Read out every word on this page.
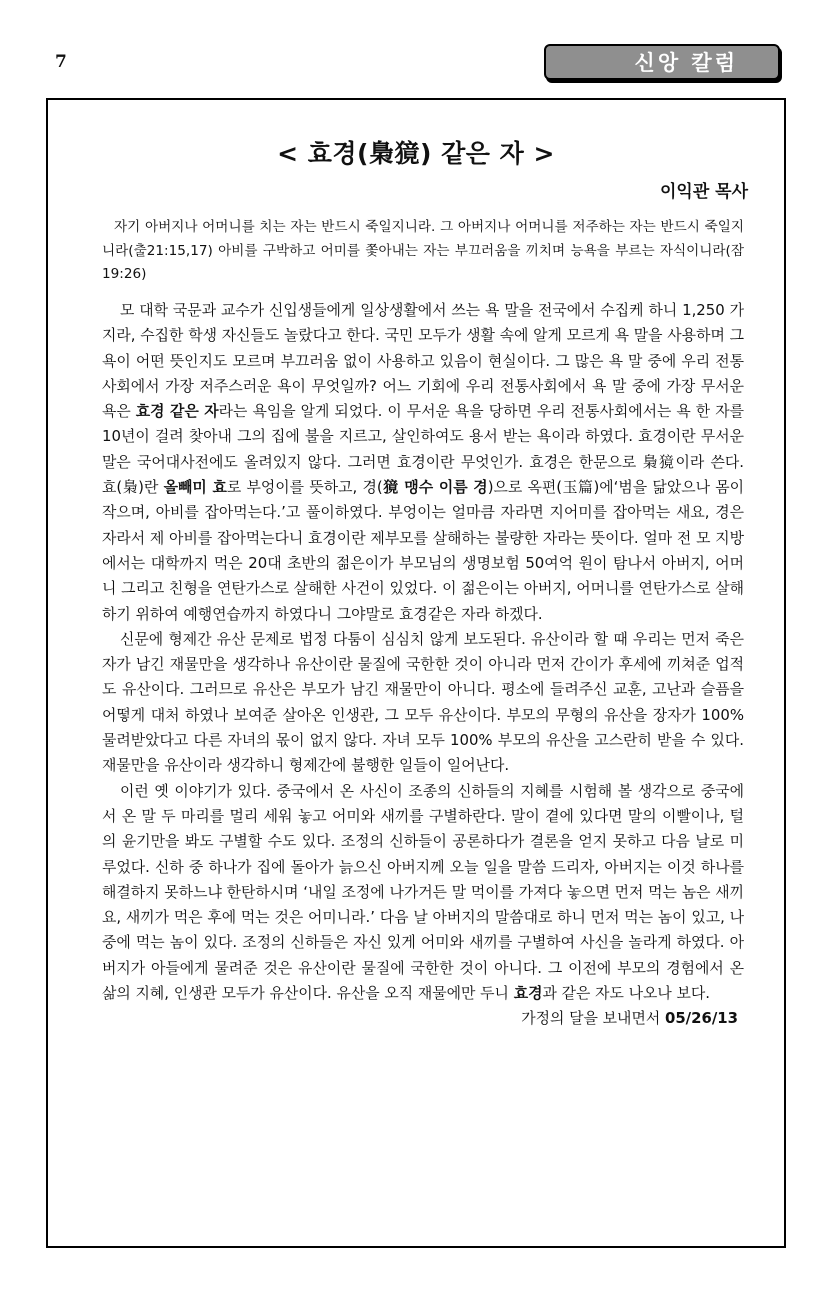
7	신앙 칼럼
< 효경(梟獍) 같은 자 >
이익관 목사

자기 아버지나 어머니를 치는 자는 반드시 죽일지니라. 그 아버지나 어머니를 저주하는 자는 반드시 죽일지니라(출21:15,17) 아비를 구박하고 어미를 쫓아내는 자는 부끄러움을 끼치며 능욕을 부르는 자식이니라(잠19:26)

모 대학 국문과 교수가 신입생들에게 일상생활에서 쓰는 욕 말을 전국에서 수집케 하니 1,250 가지라, 수집한 학생 자신들도 놀랐다고 한다. 국민 모두가 생활 속에 알게 모르게 욕 말을 사용하며 그 욕이 어떤 뜻인지도 모르며 부끄러움 없이 사용하고 있음이 현실이다. 그 많은 욕 말 중에 우리 전통사회에서 가장 저주스러운 욕이 무엇일까? 어느 기회에 우리 전통사회에서 욕 말 중에 가장 무서운 욕은 효경 같은 자라는 욕임을 알게 되었다. 이 무서운 욕을 당하면 우리 전통사회에서는 욕 한 자를 10년이 걸려 찾아내 그의 집에 불을 지르고, 살인하여도 용서 받는 욕이라 하였다. 효경이란 무서운 말은 국어대사전에도 올려있지 않다. 그러면 효경이란 무엇인가. 효경은 한문으로 梟獍이라 쓴다. 효(梟)란 올빼미 효로 부엉이를 뜻하고, 경(獍 맹수 이름 경)으로 옥편(玉篇)에‘범을 닮았으나 몸이 작으며, 아비를 잡아먹는다.’고 풀이하였다. 부엉이는 얼마큼 자라면 지어미를 잡아먹는 새요, 경은 자라서 제 아비를 잡아먹는다니 효경이란 제부모를 살해하는 불량한 자라는 뜻이다. 얼마 전 모 지방에서는 대학까지 먹은 20대 초반의 젊은이가 부모님의 생명보험 50여억 원이 탐나서 아버지, 어머니 그리고 친형을 연탄가스로 살해한 사건이 있었다. 이 젊은이는 아버지, 어머니를 연탄가스로 살해하기 위하여 예행연습까지 하였다니 그야말로 효경같은 자라 하겠다.

신문에 형제간 유산 문제로 법정 다툼이 심심치 않게 보도된다. 유산이라 할 때 우리는 먼저 죽은 자가 남긴 재물만을 생각하나 유산이란 물질에 국한한 것이 아니라 먼저 간이가 후세에 끼쳐준 업적도 유산이다. 그러므로 유산은 부모가 남긴 재물만이 아니다. 평소에 들려주신 교훈, 고난과 슬픔을 어떻게 대처 하였나 보여준 살아온 인생관, 그 모두 유산이다. 부모의 무형의 유산을 장자가 100% 물려받았다고 다른 자녀의 몫이 없지 않다. 자녀 모두 100% 부모의 유산을 고스란히 받을 수 있다. 재물만을 유산이라 생각하니 형제간에 불행한 일들이 일어난다.

이런 옛 이야기가 있다. 중국에서 온 사신이 조종의 신하들의 지혜를 시험해 볼 생각으로 중국에서 온 말 두 마리를 멀리 세워 놓고 어미와 새끼를 구별하란다. 말이 곁에 있다면 말의 이빨이나, 털의 윤기만을 봐도 구별할 수도 있다. 조정의 신하들이 공론하다가 결론을 얻지 못하고 다음 날로 미루었다. 신하 중 하나가 집에 돌아가 늙으신 아버지께 오늘 일을 말씀 드리자, 아버지는 이것 하나를 해결하지 못하느냐 한탄하시며 ‘내일 조정에 나가거든 말 먹이를 가져다 놓으면 먼저 먹는 놈은 새끼요, 새끼가 먹은 후에 먹는 것은 어미니라.’ 다음 날 아버지의 말씀대로 하니 먼저 먹는 놈이 있고, 나중에 먹는 놈이 있다. 조정의 신하들은 자신 있게 어미와 새끼를 구별하여 사신을 놀라게 하였다. 아버지가 아들에게 물려준 것은 유산이란 물질에 국한한 것이 아니다. 그 이전에 부모의 경험에서 온 삶의 지혜, 인생관 모두가 유산이다. 유산을 오직 재물에만 두니 효경과 같은 자도 나오나 보다.

가정의 달을 보내면서 05/26/13
